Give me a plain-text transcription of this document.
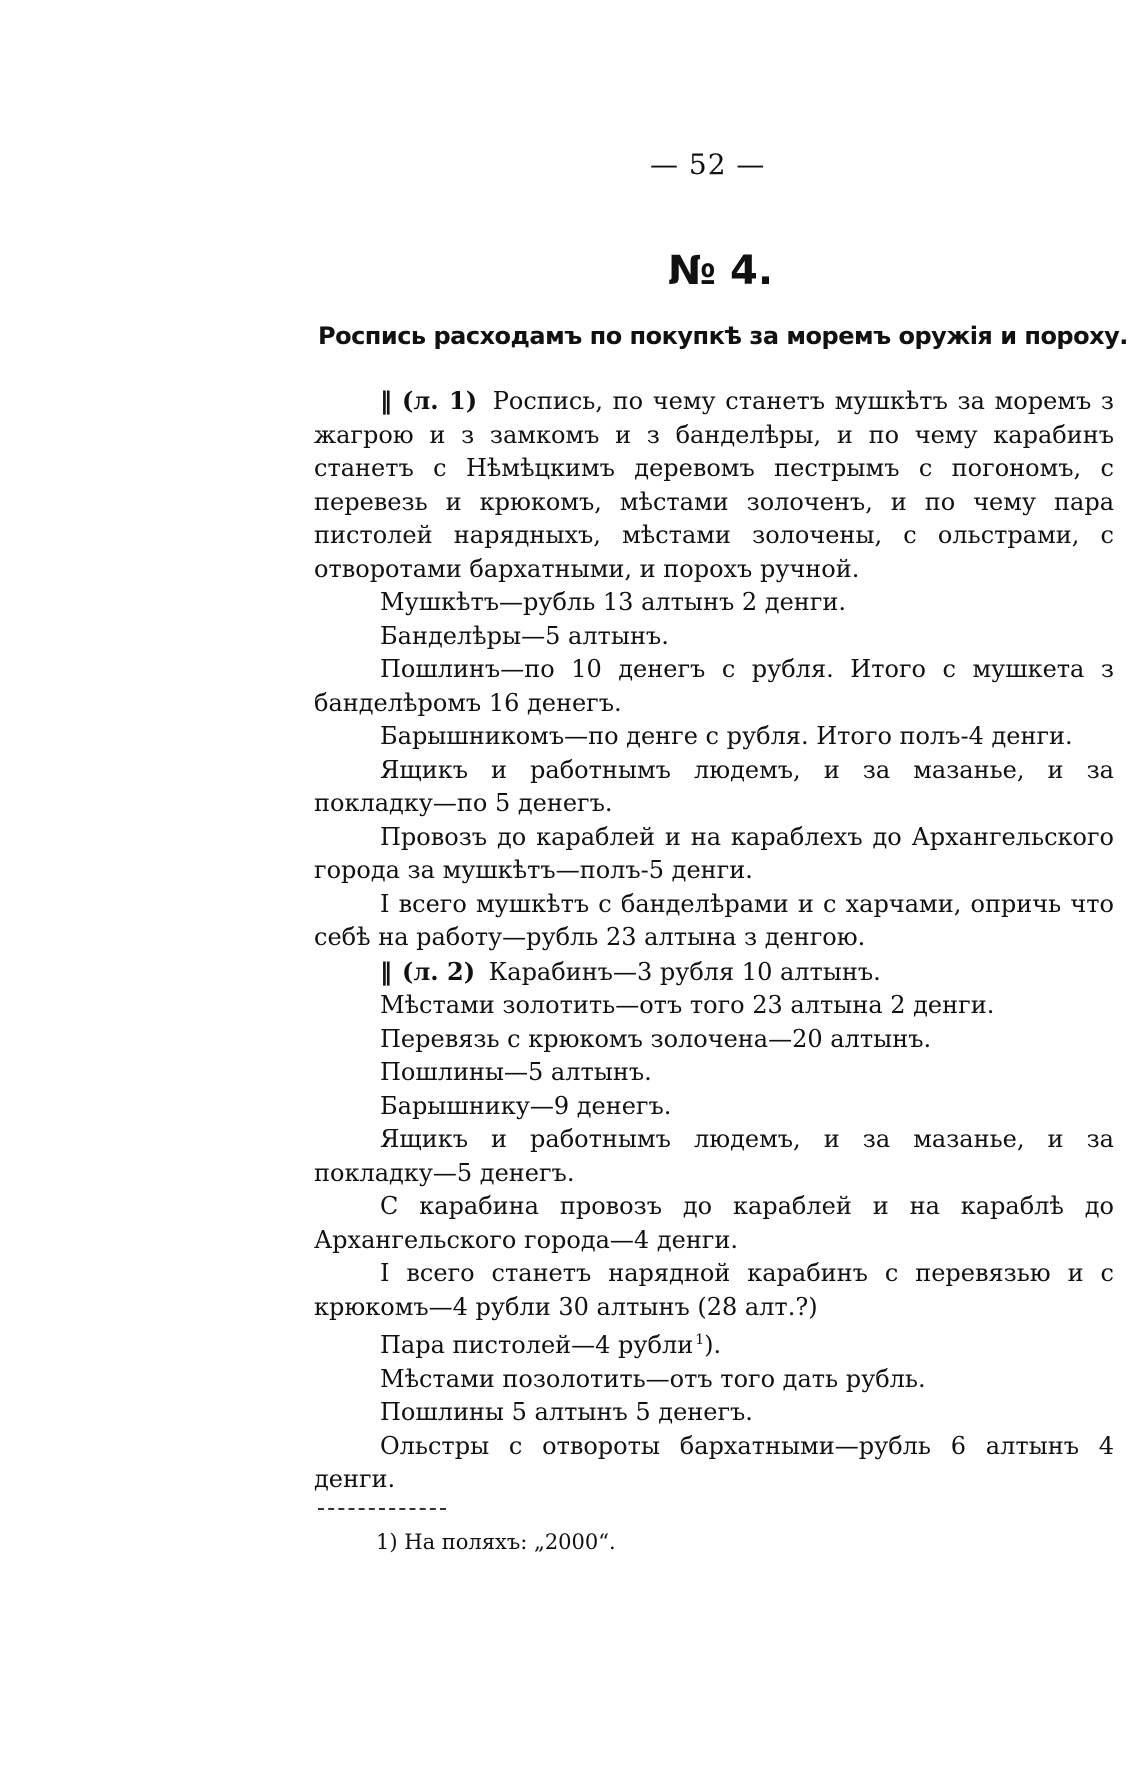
— 52 —
№ 4.
Роспись расходамъ по покупкѣ за моремъ оружія и пороху.

‖ (л. 1) Роспись, по чему станетъ мушкѣтъ за моремъ з жагрою и з замкомъ и з банделѣры, и по чему карабинъ станетъ с Нѣмѣцкимъ деревомъ пестрымъ с погономъ, с перевезь и крюкомъ, мѣстами золоченъ, и по чему пара пистолей нарядныхъ, мѣстами золочены, с ольстрами, с отворотами бархатными, и порохъ ручной.

Мушкѣтъ—рубль 13 алтынъ 2 денги.

Банделѣры—5 алтынъ.

Пошлинъ—по 10 денегъ с рубля. Итого с мушкета з банделѣромъ 16 денегъ.

Барышникомъ—по денге с рубля. Итого полъ-4 денги.

Ящикъ и работнымъ людемъ, и за мазанье, и за покладку—по 5 денегъ.

Провозъ до караблей и на караблехъ до Архангельского города за мушкѣтъ—полъ-5 денги.

І всего мушкѣтъ с банделѣрами и с харчами, опричь что себѣ на работу—рубль 23 алтына з денгою.

‖ (л. 2) Карабинъ—3 рубля 10 алтынъ.

Мѣстами золотить—отъ того 23 алтына 2 денги.

Перевязь с крюкомъ золочена—20 алтынъ.

Пошлины—5 алтынъ.

Барышнику—9 денегъ.

Ящикъ и работнымъ людемъ, и за мазанье, и за покладку—5 денегъ.

С карабина провозъ до караблей и на караблѣ до Архангельского города—4 денги.

І всего станетъ нарядной карабинъ с перевязью и с крюкомъ—4 рубли 30 алтынъ (28 алт.?)

Пара пистолей—4 рубли $^1$).

Мѣстами позолотить—отъ того дать рубль.

Пошлины 5 алтынъ 5 денегъ.

Ольстры с отвороты бархатными—рубль 6 алтынъ 4 денги.

1) На поляхъ: „2000“.
